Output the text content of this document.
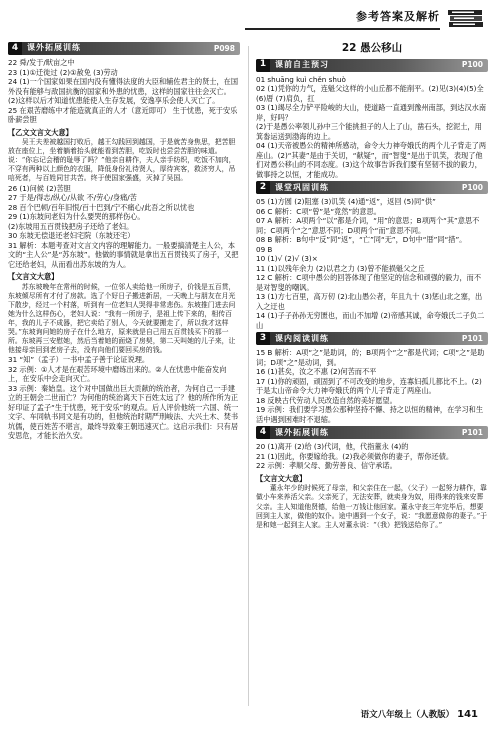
参考答案及解析
4	课外拓展训练	P098

22 舜/发于/畎亩之中

23 (1)①迁徙过 (2)①赦免 (3)劳动

24 (1)一个国家如果在国内没有懂得法度的大臣和辅佐君主的贤士，在国外没有能够与敌国抗衡的国家和外患的忧患，这样的国家往往会灭亡。

(2)这样以后才知道忧患能使人生存发展，安逸享乐会使人灭亡了。

25 在艰苦磨练中才能造就真正的人才（意近即可） 生于忧患，死于安乐 卧薪尝胆

【乙文文言文大意】

吴王夫差被越国打败后，越王勾践回到越国，于是就苦身焦思，把苦胆放在座位上，坐着躺着抬头就能看到苦胆，吃饭时也尝尝苦胆的味道。说：“你忘记会稽的耻辱了吗？”他亲自耕作，夫人亲手纺织，吃饭不加肉，不穿有两种以上颜色的衣服，降低身份礼待贤人，厚待宾客，救济穷人，吊唁死者，与百姓同甘共苦。终于使国家强盛，灭掉了吴国。

26 (1)问候 (2)苦胆

27 于是/得志/纵心/从欲 不/劳心/身痛/苦

28 百个巴顿/百年旧恨/百十巴到/宁不痛心/此吾之所以忧也

29 (1)东坡问老妇为什么要哭的那样伤心。

(2)东坡用五百贯钱把房子还给了老妇。

30 东坡无偿退还老妇宅院（东坡还宅）

31 解析：本题考查对文言文内容的理解能力。一般要搞清楚主人公，本文的“主人公”是“苏东坡”。他做的事情就是拿出五百贯钱买了房子，又把它还给老妇，从而看出苏东坡的为人。

【文言文大意】

苏东坡晚年在常州的时候，一位邻人卖给他一所房子，价钱是五百贯，东坡倾尽所有才付了房款。选了个好日子搬进新居，一天晚上与朋友在月光下散步，经过一个村落，听到有一位老妇人哭得非常悲伤。东坡推门进去问她为什么这样伤心，老妇人说：“我有一所房子，是祖上传下来的，相传百年，我的儿子不成器，把它卖给了别人，今天就要搬走了，所以我才这样哭。”东坡询问她的房子在什么地方，原来就是自己用五百贯钱买下的那一所。东坡再三安慰她，然后当着她的面烧了房契，第二天叫她的儿子来，让他接母亲回到老房子去，没有向他们要回买房的钱。

31 “知”（孟子）一书中孟子善于论证说理。

32 示例：①人才是在艰苦环境中磨练出来的。②人在忧患中能奋发向上，在安乐中会走向灭亡。

33 示例：秦始皇。这个对中国做出巨大贡献的统治者，为何自己一手建立的王朝会二世而亡？为何他的统治离天下百姓太远了？他的所作所为正好印证了孟子“生于忧患，死于安乐”的观点。后人评价他统一六国、统一文字、车同轨书同文是有功的，但他统治时期严刑峻法、大兴土木、焚书坑儒，使百姓苦不堪言，最终导致秦王朝迅速灭亡。这启示我们：只有居安思危，才能长治久安。

22 愚公移山
1	课前自主预习	P100

01 shuāng kuì chěn shuò

02 (1)凭你的力气，连魁父这样的小山丘都不能削平。(2)见(3)(4)(5)全 (6)厝 (7)肩负，扛

03 (1)竭尽全力铲平险峻的大山，使道路一直通到豫州南部，到达汉水南岸，好吗？

(2)于是愚公率领儿孙中三个能挑担子的人上了山，凿石头，挖泥土，用箕畚运送到渤海的边上。

04 (1)天帝被愚公的精神所感动，命令大力神夸娥氏的两个儿子背走了两座山。(2)“其妻”是由于关切，“献疑”，而“智叟”是出于讥笑，表现了他们对愚公移山的不同态度。(3)这个故事告诉我们要有坚韧不拔的毅力，做事持之以恒，才能成功。

2	课堂巩固训练	P100

05 (1)方圆 (2)阻塞 (3)讥笑 (4)通“返”，返回 (5)同“供”

06 C 解析：C项“曾”是“竟然”的意思。

07 A 解析：A项两个“以”都是介词，“用”的意思；B项两个“其”意思不同；C项两个“之”意思不同；D项两个“而”意思不同。

08 B 解析：B句中“反”同“返”，“亡”同“无”，D句中“厝”同“措”。

09 B

10 (1)√ (2)√ (3)×

11 (1)以残年余力 (2)以君之力 (3)曾不能损魁父之丘

12 C 解析：C项中愚公的回答体现了他坚定的信念和顽强的毅力，而不是对智叟的嘲讽。

13 (1)方七百里，高万仞 (2)北山愚公者，年且九十 (3)惩山北之塞，出入之迂也

14 (1)子子孙孙无穷匮也，而山不加增 (2)帝感其诚，命夸娥氏二子负二山

3	课内阅读训练	P101

15 B 解析：A项“之”是助词，的；B项两个“之”都是代词；C项“之”是助词；D项“之”是动词，到。

16 (1)甚矣，汝之不惠 (2)何苦而不平

17 (1)你的顽固，顽固到了不可改变的地步，连寡妇孤儿都比不上。(2)于是太山帝命令大力神夸娥氏的两个儿子背走了两座山。

18 反映古代劳动人民改造自然的美好愿望。

19 示例：我们要学习愚公那种坚持不懈、持之以恒的精神，在学习和生活中遇到困难时不退缩。

4	课外拓展训练	P101

20 (1)离开 (2)给 (3)代词，他，代指董永 (4)的

21 (1)因此，你要嫁给我。(2)我必须做你的妻子，帮你还债。

22 示例：孝顺父母、勤劳善良、信守承诺。

【文言文大意】

董永年少的时候死了母亲，和父亲住在一起，（父子）一起努力耕作，靠做小车来养活父亲。父亲死了，无法安葬，就卖身为奴，用得来的钱来安葬父亲。主人知道他贤德，给他一万钱让他回家。董永守丧三年完毕后，想要回到主人家，做他的奴仆。途中遇到一个女子，说：“我愿意做你的妻子。”于是和她一起到主人家。主人对董永说：“（我）把钱送给你了。”

语文八年级上（人教版） 141
